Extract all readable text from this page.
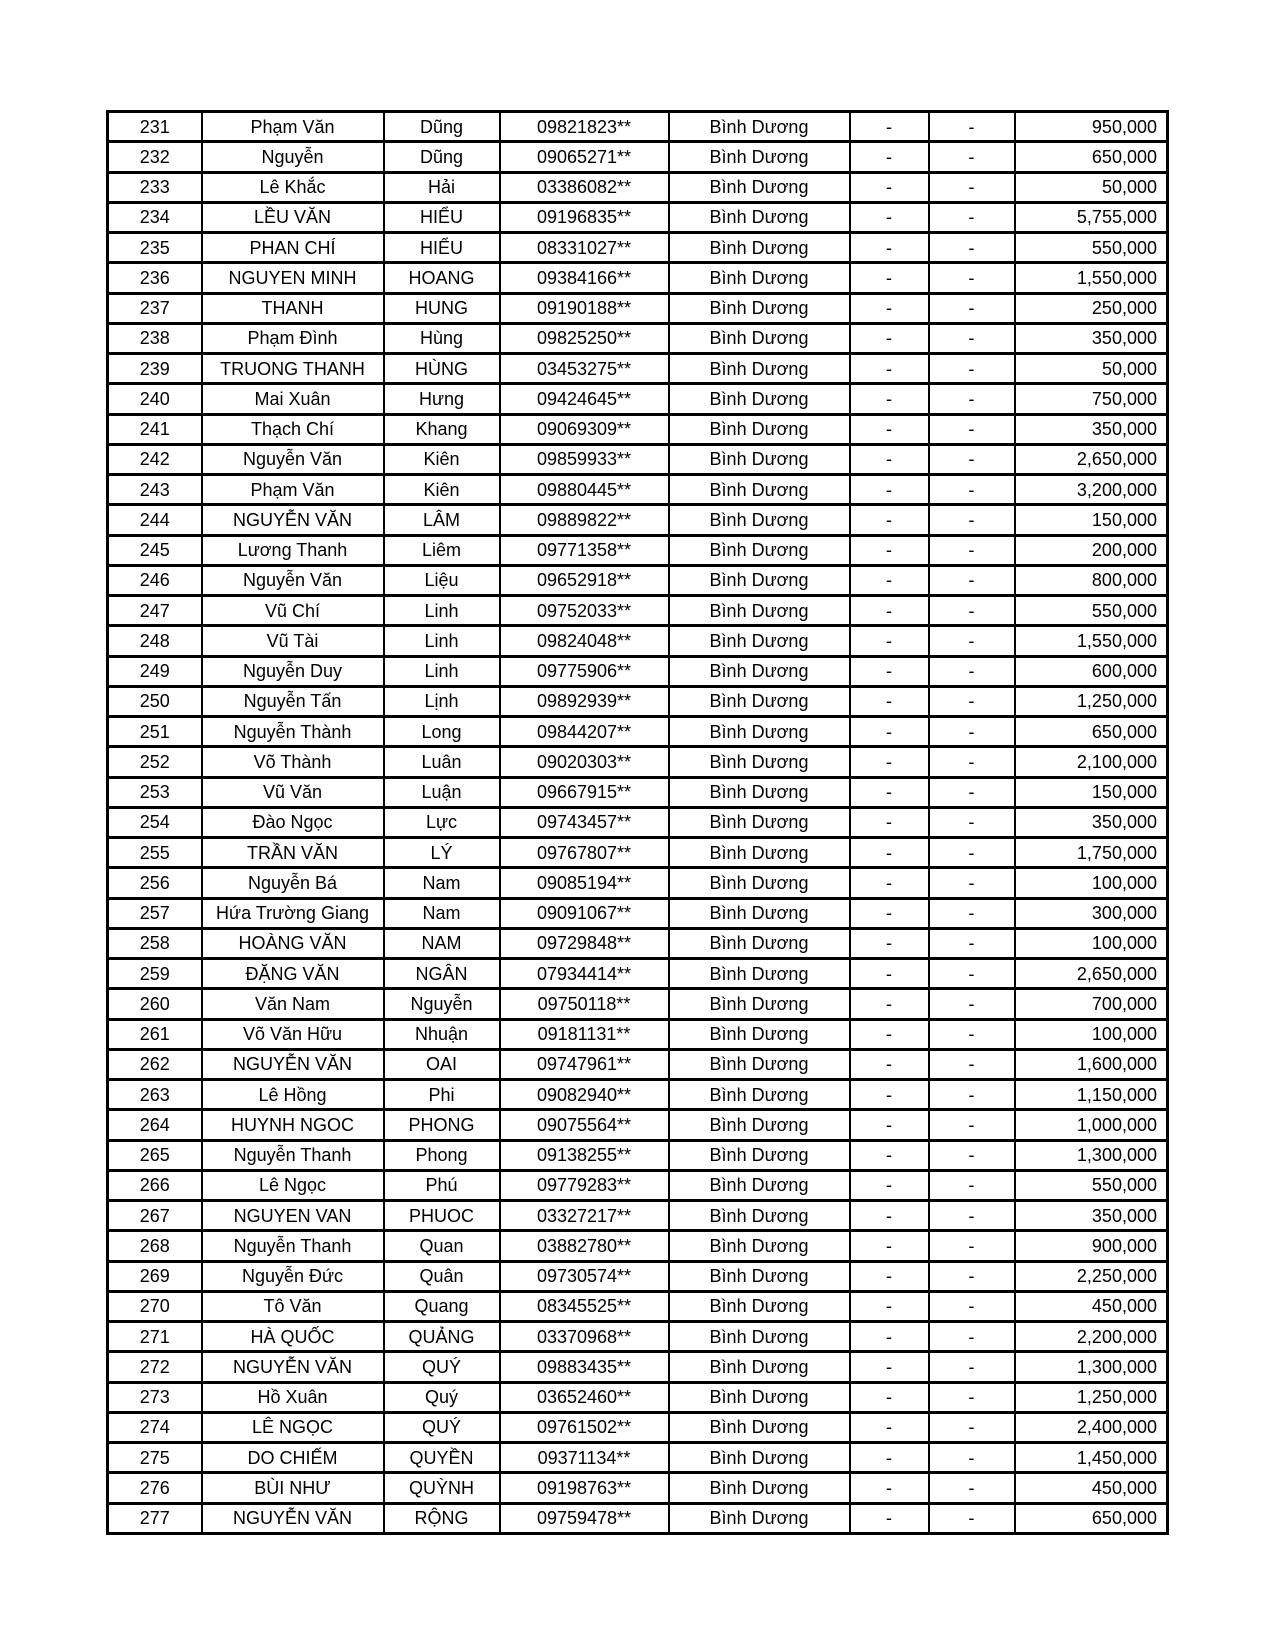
231	Phạm Văn	Dũng	09821823**	Bình Dương	-	-	950,000
232	Nguyễn	Dũng	09065271**	Bình Dương	-	-	650,000
233	Lê Khắc	Hải	03386082**	Bình Dương	-	-	50,000
234	LỀU VĂN	HIỂU	09196835**	Bình Dương	-	-	5,755,000
235	PHAN CHÍ	HIỂU	08331027**	Bình Dương	-	-	550,000
236	NGUYEN MINH	HOANG	09384166**	Bình Dương	-	-	1,550,000
237	THANH	HUNG	09190188**	Bình Dương	-	-	250,000
238	Phạm Đình	Hùng	09825250**	Bình Dương	-	-	350,000
239	TRUONG THANH	HÙNG	03453275**	Bình Dương	-	-	50,000
240	Mai Xuân	Hưng	09424645**	Bình Dương	-	-	750,000
241	Thạch Chí	Khang	09069309**	Bình Dương	-	-	350,000
242	Nguyễn Văn	Kiên	09859933**	Bình Dương	-	-	2,650,000
243	Phạm Văn	Kiên	09880445**	Bình Dương	-	-	3,200,000
244	NGUYỄN VĂN	LÂM	09889822**	Bình Dương	-	-	150,000
245	Lương Thanh	Liêm	09771358**	Bình Dương	-	-	200,000
246	Nguyễn Văn	Liệu	09652918**	Bình Dương	-	-	800,000
247	Vũ Chí	Linh	09752033**	Bình Dương	-	-	550,000
248	Vũ Tài	Linh	09824048**	Bình Dương	-	-	1,550,000
249	Nguyễn Duy	Linh	09775906**	Bình Dương	-	-	600,000
250	Nguyễn Tấn	Lịnh	09892939**	Bình Dương	-	-	1,250,000
251	Nguyễn Thành	Long	09844207**	Bình Dương	-	-	650,000
252	Võ Thành	Luân	09020303**	Bình Dương	-	-	2,100,000
253	Vũ Văn	Luận	09667915**	Bình Dương	-	-	150,000
254	Đào Ngọc	Lực	09743457**	Bình Dương	-	-	350,000
255	TRẦN VĂN	LÝ	09767807**	Bình Dương	-	-	1,750,000
256	Nguyễn Bá	Nam	09085194**	Bình Dương	-	-	100,000
257	Hứa Trường Giang	Nam	09091067**	Bình Dương	-	-	300,000
258	HOÀNG VĂN	NAM	09729848**	Bình Dương	-	-	100,000
259	ĐẶNG VĂN	NGÂN	07934414**	Bình Dương	-	-	2,650,000
260	Văn Nam	Nguyễn	09750118**	Bình Dương	-	-	700,000
261	Võ Văn Hữu	Nhuận	09181131**	Bình Dương	-	-	100,000
262	NGUYỄN VĂN	OAI	09747961**	Bình Dương	-	-	1,600,000
263	Lê Hồng	Phi	09082940**	Bình Dương	-	-	1,150,000
264	HUYNH NGOC	PHONG	09075564**	Bình Dương	-	-	1,000,000
265	Nguyễn Thanh	Phong	09138255**	Bình Dương	-	-	1,300,000
266	Lê Ngọc	Phú	09779283**	Bình Dương	-	-	550,000
267	NGUYEN VAN	PHUOC	03327217**	Bình Dương	-	-	350,000
268	Nguyễn Thanh	Quan	03882780**	Bình Dương	-	-	900,000
269	Nguyễn Đức	Quân	09730574**	Bình Dương	-	-	2,250,000
270	Tô Văn	Quang	08345525**	Bình Dương	-	-	450,000
271	HÀ QUỐC	QUẢNG	03370968**	Bình Dương	-	-	2,200,000
272	NGUYỄN VĂN	QUÝ	09883435**	Bình Dương	-	-	1,300,000
273	Hồ Xuân	Quý	03652460**	Bình Dương	-	-	1,250,000
274	LÊ NGỌC	QUÝ	09761502**	Bình Dương	-	-	2,400,000
275	DO CHIẾM	QUYỀN	09371134**	Bình Dương	-	-	1,450,000
276	BÙI NHƯ	QUỲNH	09198763**	Bình Dương	-	-	450,000
277	NGUYỄN VĂN	RỘNG	09759478**	Bình Dương	-	-	650,000
